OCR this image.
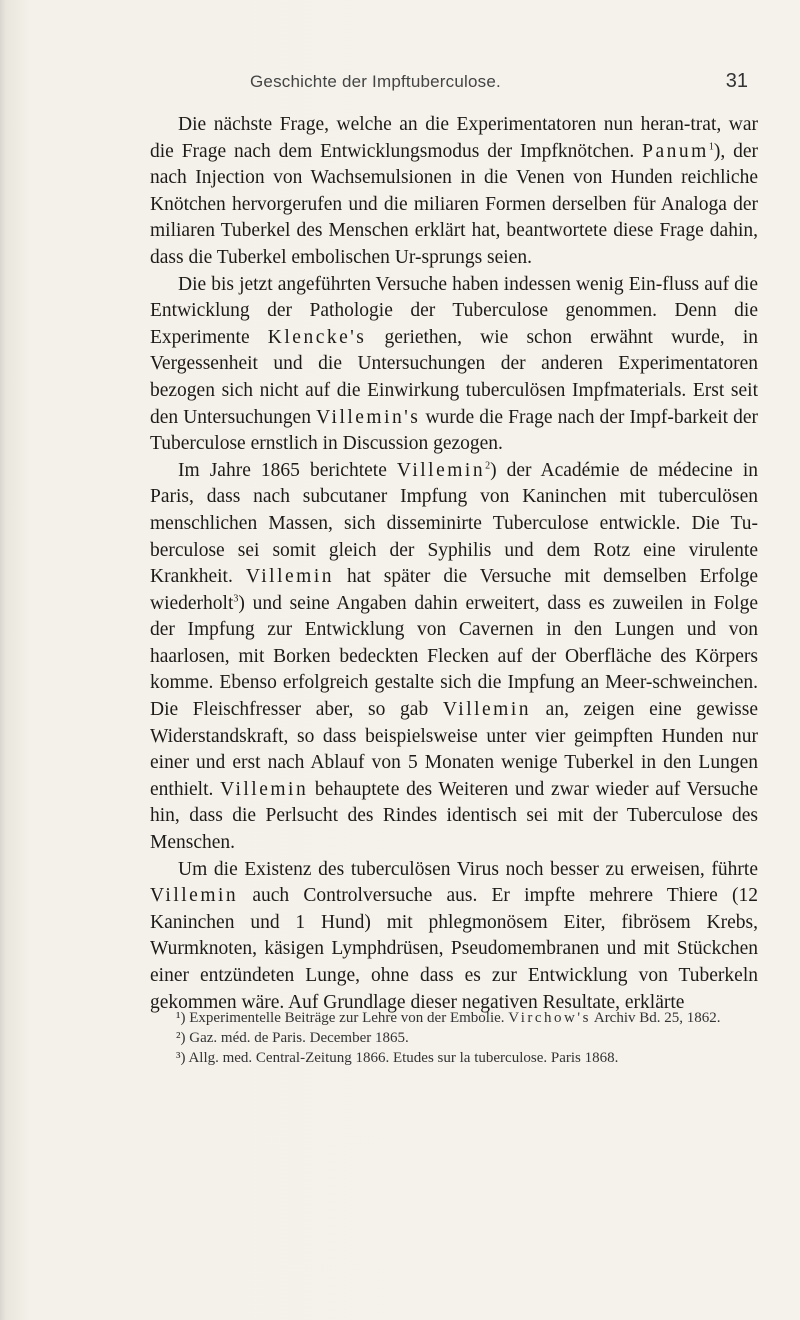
Geschichte der Impftuberculose.	31

Die nächste Frage, welche an die Experimentatoren nun heran-trat, war die Frage nach dem Entwicklungsmodus der Impfknötchen. Panum$^1$), der nach Injection von Wachsemulsionen in die Venen von Hunden reichliche Knötchen hervorgerufen und die miliaren Formen derselben für Analoga der miliaren Tuberkel des Menschen erklärt hat, beantwortete diese Frage dahin, dass die Tuberkel embolischen Ur-sprungs seien.

Die bis jetzt angeführten Versuche haben indessen wenig Ein-fluss auf die Entwicklung der Pathologie der Tuberculose genommen. Denn die Experimente Klencke's geriethen, wie schon erwähnt wurde, in Vergessenheit und die Untersuchungen der anderen Experimentatoren bezogen sich nicht auf die Einwirkung tuberculösen Impfmaterials. Erst seit den Untersuchungen Villemin's wurde die Frage nach der Impf-barkeit der Tuberculose ernstlich in Discussion gezogen.

Im Jahre 1865 berichtete Villemin$^2$) der Académie de médecine in Paris, dass nach subcutaner Impfung von Kaninchen mit tuberculösen menschlichen Massen, sich disseminirte Tuberculose entwickle. Die Tu-berculose sei somit gleich der Syphilis und dem Rotz eine virulente Krankheit. Villemin hat später die Versuche mit demselben Erfolge wiederholt$^3$) und seine Angaben dahin erweitert, dass es zuweilen in Folge der Impfung zur Entwicklung von Cavernen in den Lungen und von haarlosen, mit Borken bedeckten Flecken auf der Oberfläche des Körpers komme. Ebenso erfolgreich gestalte sich die Impfung an Meer-schweinchen. Die Fleischfresser aber, so gab Villemin an, zeigen eine gewisse Widerstandskraft, so dass beispielsweise unter vier geimpften Hunden nur einer und erst nach Ablauf von 5 Monaten wenige Tuberkel in den Lungen enthielt. Villemin behauptete des Weiteren und zwar wieder auf Versuche hin, dass die Perlsucht des Rindes identisch sei mit der Tuberculose des Menschen.

Um die Existenz des tuberculösen Virus noch besser zu erweisen, führte Villemin auch Controlversuche aus. Er impfte mehrere Thiere (12 Kaninchen und 1 Hund) mit phlegmonösem Eiter, fibrösem Krebs, Wurmknoten, käsigen Lymphdrüsen, Pseudomembranen und mit Stückchen einer entzündeten Lunge, ohne dass es zur Entwicklung von Tuberkeln gekommen wäre. Auf Grundlage dieser negativen Resultate, erklärte

¹) Experimentelle Beiträge zur Lehre von der Embolie. Virchow's Archiv Bd. 25, 1862.

²) Gaz. méd. de Paris. December 1865.

³) Allg. med. Central-Zeitung 1866. Etudes sur la tuberculose. Paris 1868.
